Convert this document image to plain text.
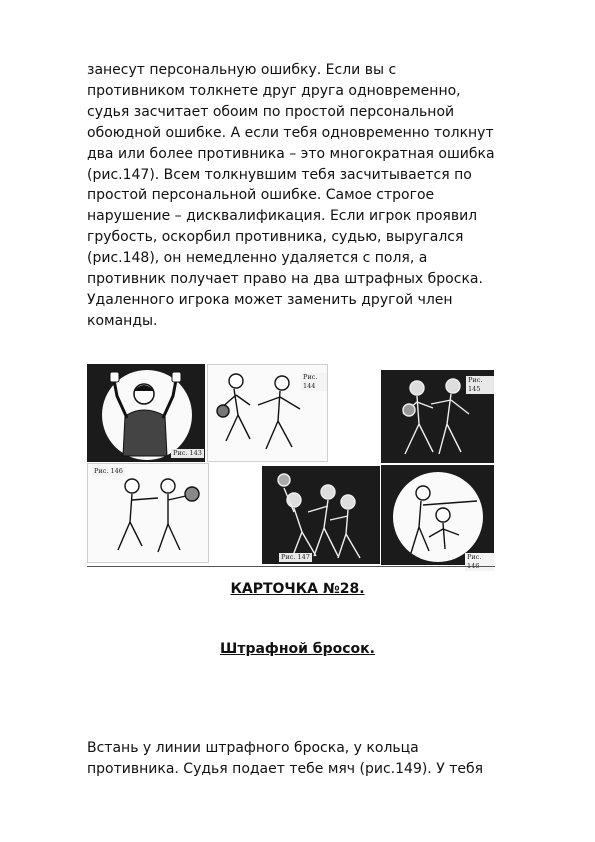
занесут персональную ошибку. Если вы с
противником толкнете друг друга одновременно,
судья засчитает обоим по простой персональной
обоюдной ошибке. А если тебя одновременно толкнут
два или более противника – это многократная ошибка
(рис.147). Всем толкнувшим тебя засчитывается по
простой персональной ошибке. Самое строгое
нарушение – дисквалификация. Если игрок проявил
грубость, оскорбил противника, судью, выругался
(рис.148), он немедленно удаляется с поля, а
противник получает право на два штрафных броска.
Удаленного игрока может заменить другой член
команды.
Рис. 143
Рис. 144
Рис. 145
Рис. 146
Рис. 147	Рис. 146
КАРТОЧКА №28.
Штрафной бросок.
Встань у линии штрафного броска, у кольца
противника. Судья подает тебе мяч (рис.149). У тебя
